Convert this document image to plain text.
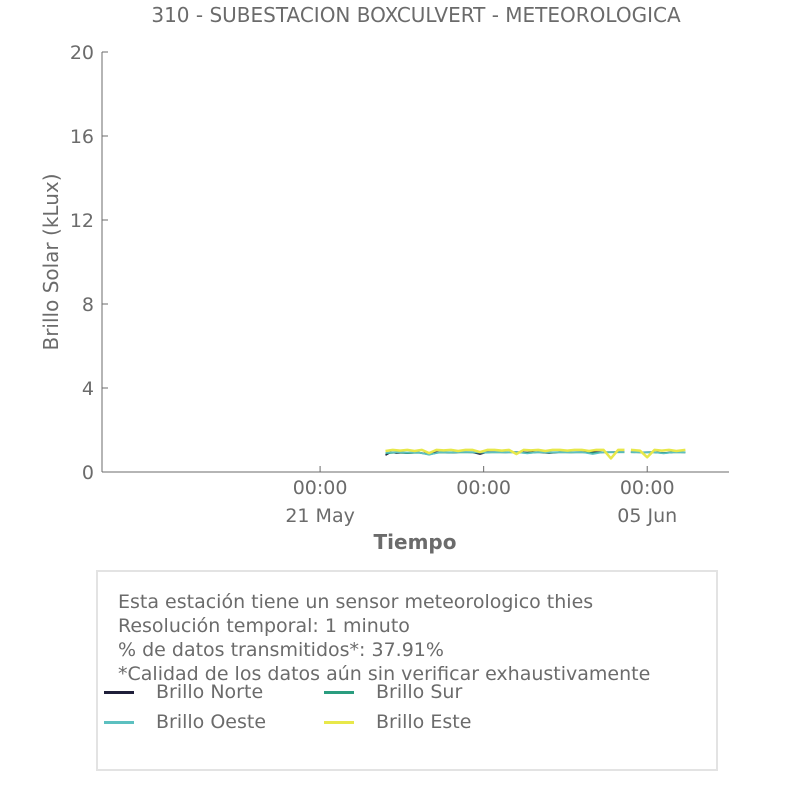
310 - SUBESTACION BOXCULVERT - METEOROLOGICA
0
4
8
12
16
20
00:00
21 May
00:00	00:00
05 Jun
Brillo Solar (kLux)
Tiempo
Esta estación tiene un sensor meteorologico thies
Resolución temporal: 1 minuto
% de datos transmitidos*: 37.91%
*Calidad de los datos aún sin verificar exhaustivamente
Brillo Norte	Brillo Sur
Brillo Oeste	Brillo Este
